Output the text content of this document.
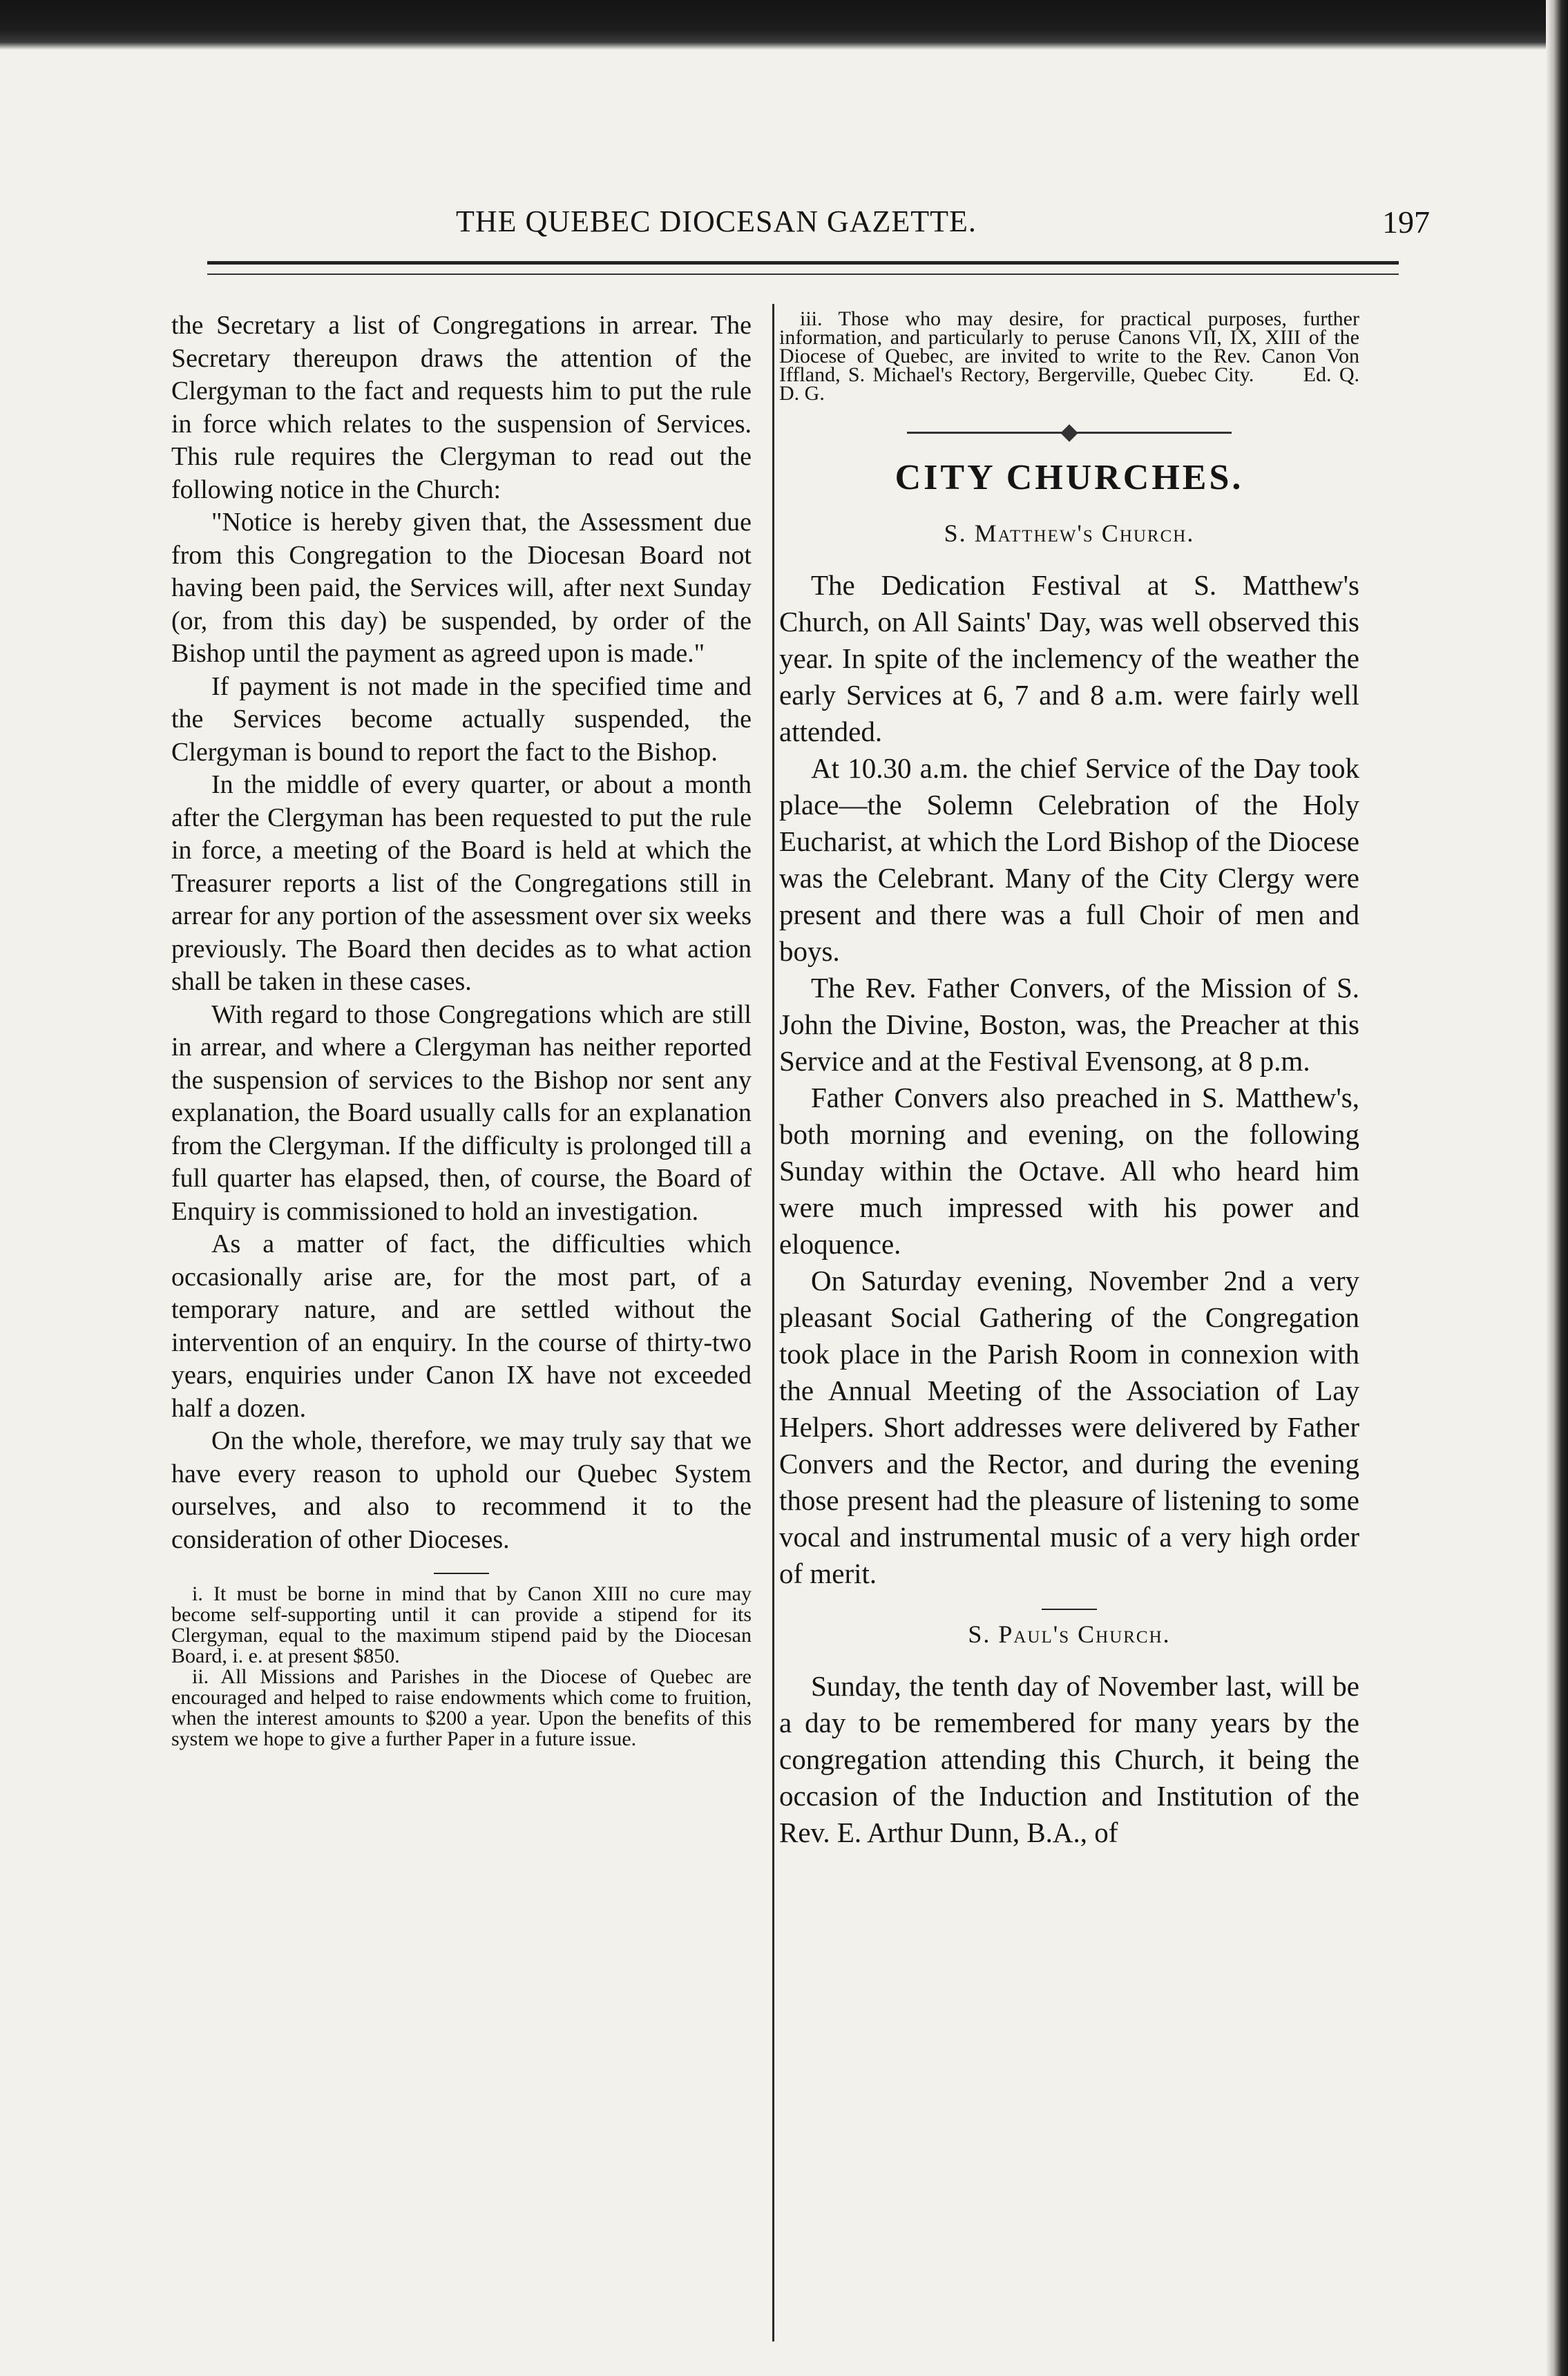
THE QUEBEC DIOCESAN GAZETTE.	197

the Secretary a list of Congregations in arrear. The Secretary thereupon draws the attention of the Clergyman to the fact and requests him to put the rule in force which relates to the suspension of Services. This rule requires the Clergyman to read out the following notice in the Church:

"Notice is hereby given that, the Assessment due from this Congregation to the Diocesan Board not having been paid, the Services will, after next Sunday (or, from this day) be suspended, by order of the Bishop until the payment as agreed upon is made."

If payment is not made in the specified time and the Services become actually suspended, the Clergyman is bound to report the fact to the Bishop.

In the middle of every quarter, or about a month after the Clergyman has been requested to put the rule in force, a meeting of the Board is held at which the Treasurer reports a list of the Congregations still in arrear for any portion of the assessment over six weeks previously. The Board then decides as to what action shall be taken in these cases.

With regard to those Congregations which are still in arrear, and where a Clergyman has neither reported the suspension of services to the Bishop nor sent any explanation, the Board usually calls for an explanation from the Clergyman. If the difficulty is prolonged till a full quarter has elapsed, then, of course, the Board of Enquiry is commissioned to hold an investigation.

As a matter of fact, the difficulties which occasionally arise are, for the most part, of a temporary nature, and are settled without the intervention of an enquiry. In the course of thirty-two years, enquiries under Canon IX have not exceeded half a dozen.

On the whole, therefore, we may truly say that we have every reason to uphold our Quebec System ourselves, and also to recommend it to the consideration of other Dioceses.

i. It must be borne in mind that by Canon XIII no cure may become self-supporting until it can provide a stipend for its Clergyman, equal to the maximum stipend paid by the Diocesan Board, i. e. at present $850.

ii. All Missions and Parishes in the Diocese of Quebec are encouraged and helped to raise endowments which come to fruition, when the interest amounts to $200 a year. Upon the benefits of this system we hope to give a further Paper in a future issue.

iii. Those who may desire, for practical purposes, further information, and particularly to peruse Canons VII, IX, XIII of the Diocese of Quebec, are invited to write to the Rev. Canon Von Iffland, S. Michael's Rectory, Bergerville, Quebec City. Ed. Q. D. G.

CITY CHURCHES.
S. Matthew's Church.

The Dedication Festival at S. Matthew's Church, on All Saints' Day, was well observed this year. In spite of the inclemency of the weather the early Services at 6, 7 and 8 a.m. were fairly well attended.

At 10.30 a.m. the chief Service of the Day took place—the Solemn Celebration of the Holy Eucharist, at which the Lord Bishop of the Diocese was the Celebrant. Many of the City Clergy were present and there was a full Choir of men and boys.

The Rev. Father Convers, of the Mission of S. John the Divine, Boston, was, the Preacher at this Service and at the Festival Evensong, at 8 p.m.

Father Convers also preached in S. Matthew's, both morning and evening, on the following Sunday within the Octave. All who heard him were much impressed with his power and eloquence.

On Saturday evening, November 2nd a very pleasant Social Gathering of the Congregation took place in the Parish Room in connexion with the Annual Meeting of the Association of Lay Helpers. Short addresses were delivered by Father Convers and the Rector, and during the evening those present had the pleasure of listening to some vocal and instrumental music of a very high order of merit.

S. Paul's Church.

Sunday, the tenth day of November last, will be a day to be remembered for many years by the congregation attending this Church, it being the occasion of the Induction and Institution of the Rev. E. Arthur Dunn, B.A., of
